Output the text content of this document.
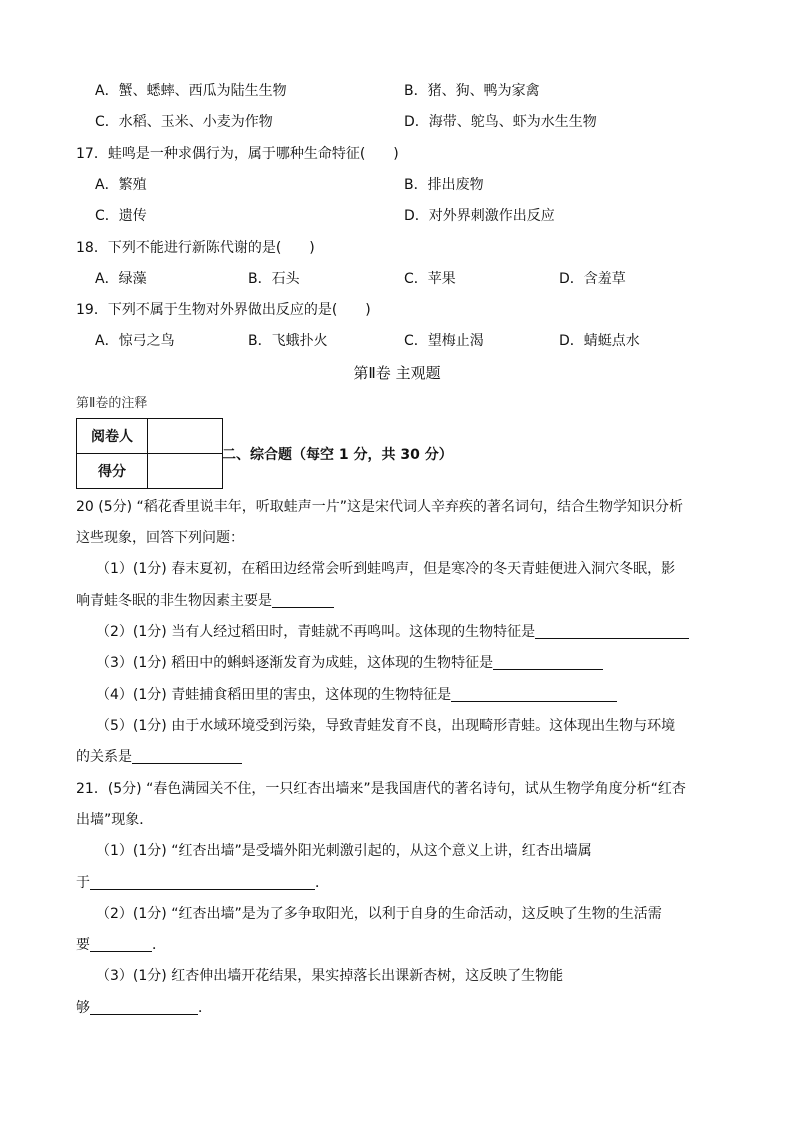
A．蟹、蟋蟀、西瓜为陆生生物	B．猪、狗、鸭为家禽
C．水稻、玉米、小麦为作物	D．海带、鸵鸟、虾为水生生物
17．蛙鸣是一种求偶行为，属于哪种生命特征(　　)
A．繁殖	B．排出废物
C．遗传	D．对外界刺激作出反应
18．下列不能进行新陈代谢的是(　　)
A．绿藻	B．石头	C．苹果	D．含羞草
19．下列不属于生物对外界做出反应的是(　　)
A．惊弓之鸟	B．飞蛾扑火	C．望梅止渴	D．蜻蜓点水
第Ⅱ卷 主观题
第Ⅱ卷的注释
阅卷人	
得分	
二、综合题（每空 1 分，共 30 分）
20 (5分) “稻花香里说丰年，听取蛙声一片”这是宋代词人辛弃疾的著名词句，结合生物学知识分析
这些现象，回答下列问题：
（1）(1分) 春末夏初，在稻田边经常会听到蛙鸣声，但是寒冷的冬天青蛙便进入洞穴冬眠，影
响青蛙冬眠的非生物因素主要是
（2）(1分) 当有人经过稻田时，青蛙就不再鸣叫。这体现的生物特征是
（3）(1分) 稻田中的蝌蚪逐渐发育为成蛙，这体现的生物特征是
（4）(1分) 青蛙捕食稻田里的害虫，这体现的生物特征是
（5）(1分) 由于水域环境受到污染，导致青蛙发育不良，出现畸形青蛙。这体现出生物与环境
的关系是
21．(5分) “春色满园关不住，一只红杏出墙来”是我国唐代的著名诗句，试从生物学角度分析“红杏
出墙”现象．
（1）(1分) “红杏出墙”是受墙外阳光刺激引起的，从这个意义上讲，红杏出墙属
于	．
（2）(1分) “红杏出墙”是为了多争取阳光，以利于自身的生命活动，这反映了生物的生活需
要	．
（3）(1分) 红杏伸出墙开花结果，果实掉落长出课新杏树，这反映了生物能
够	．
